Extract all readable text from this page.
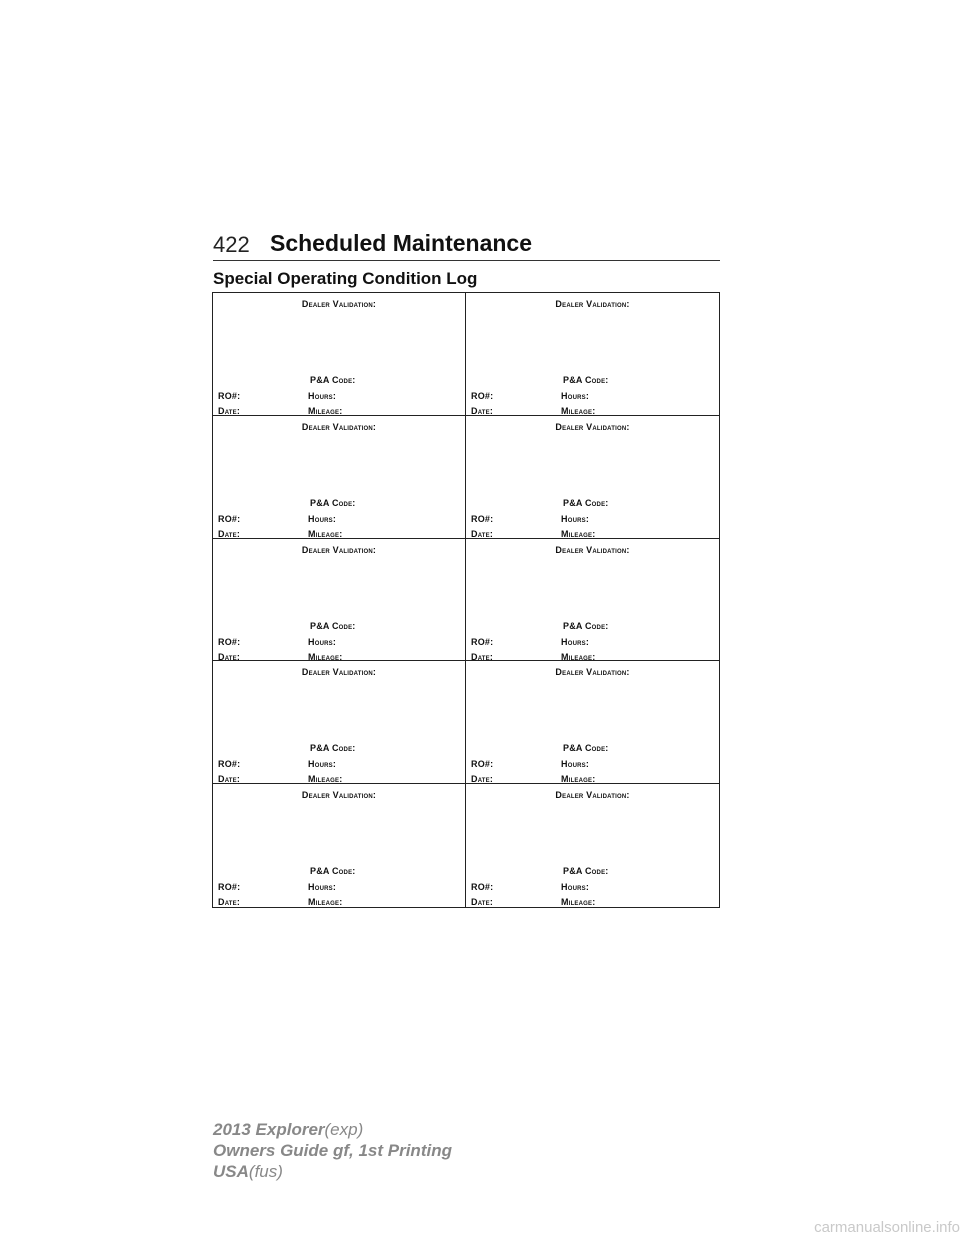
422 Scheduled Maintenance
Special Operating Condition Log
Dealer Validation:
P&A Code:
RO#:	Hours:
Date:	Mileage:
Dealer Validation:
P&A Code:
RO#:	Hours:
Date:	Mileage:
Dealer Validation:
P&A Code:
RO#:	Hours:
Date:	Mileage:
Dealer Validation:
P&A Code:
RO#:	Hours:
Date:	Mileage:
Dealer Validation:
P&A Code:
RO#:	Hours:
Date:	Mileage:
Dealer Validation:
P&A Code:
RO#:	Hours:
Date:	Mileage:
Dealer Validation:
P&A Code:
RO#:	Hours:
Date:	Mileage:
Dealer Validation:
P&A Code:
RO#:	Hours:
Date:	Mileage:
Dealer Validation:
P&A Code:
RO#:	Hours:
Date:	Mileage:
Dealer Validation:
P&A Code:
RO#:	Hours:
Date:	Mileage:
2013 Explorer(exp)
Owners Guide gf, 1st Printing
USA(fus)
carmanualsonline.info
